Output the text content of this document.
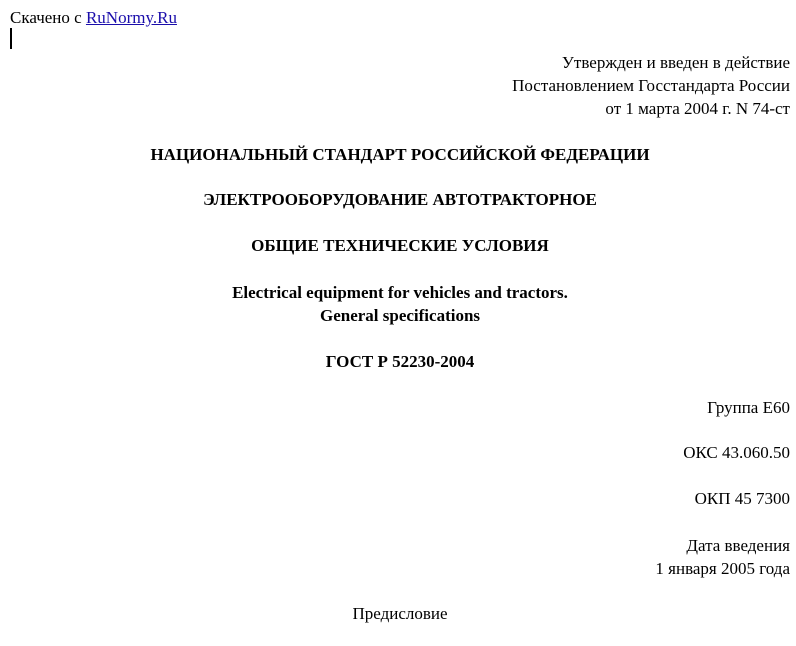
Скачено с RuNormy.Ru
Утвержден и введен в действие
Постановлением Госстандарта России
от 1 марта 2004 г. N 74-ст
НАЦИОНАЛЬНЫЙ СТАНДАРТ РОССИЙСКОЙ ФЕДЕРАЦИИ
ЭЛЕКТРООБОРУДОВАНИЕ АВТОТРАКТОРНОЕ
ОБЩИЕ ТЕХНИЧЕСКИЕ УСЛОВИЯ
Electrical equipment for vehicles and tractors.
General specifications
ГОСТ Р 52230-2004
Группа E60
ОКС 43.060.50
ОКП 45 7300
Дата введения
1 января 2005 года
Предисловие
